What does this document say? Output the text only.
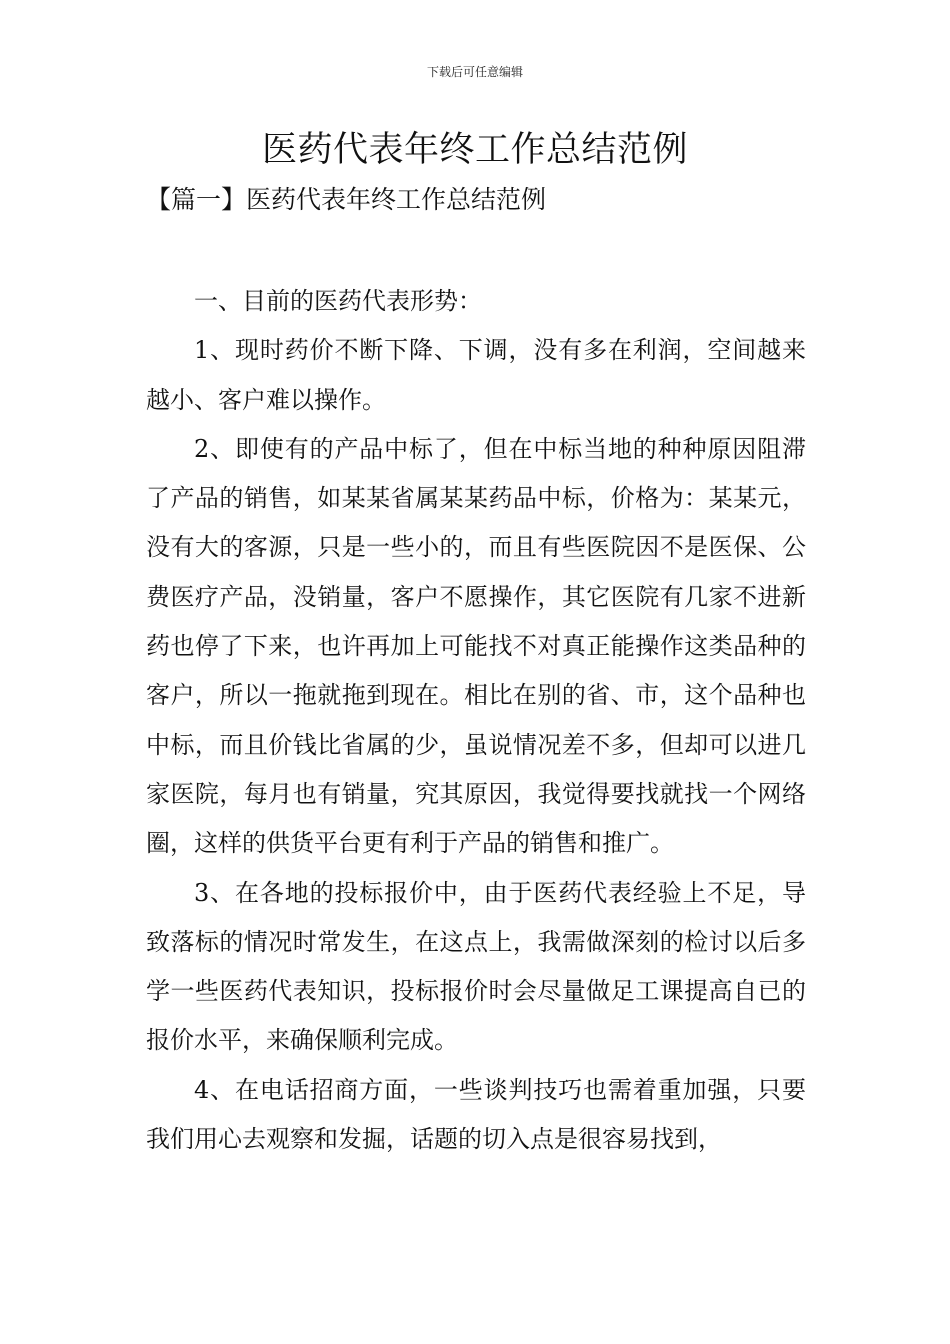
下载后可任意编辑
医药代表年终工作总结范例
【篇一】医药代表年终工作总结范例

一、目前的医药代表形势：

1、现时药价不断下降、下调，没有多在利润，空间越来越小、客户难以操作。

2、即使有的产品中标了，但在中标当地的种种原因阻滞了产品的销售，如某某省属某某药品中标，价格为：某某元，没有大的客源，只是一些小的，而且有些医院因不是医保、公费医疗产品，没销量，客户不愿操作，其它医院有几家不进新药也停了下来，也许再加上可能找不对真正能操作这类品种的客户，所以一拖就拖到现在。相比在别的省、市，这个品种也中标，而且价钱比省属的少，虽说情况差不多，但却可以进几家医院，每月也有销量，究其原因，我觉得要找就找一个网络圈，这样的供货平台更有利于产品的销售和推广。

3、在各地的投标报价中，由于医药代表经验上不足，导致落标的情况时常发生，在这点上，我需做深刻的检讨以后多学一些医药代表知识，投标报价时会尽量做足工课提高自已的报价水平，来确保顺利完成。

4、在电话招商方面，一些谈判技巧也需着重加强，只要我们用心去观察和发掘，话题的切入点是很容易找到，
